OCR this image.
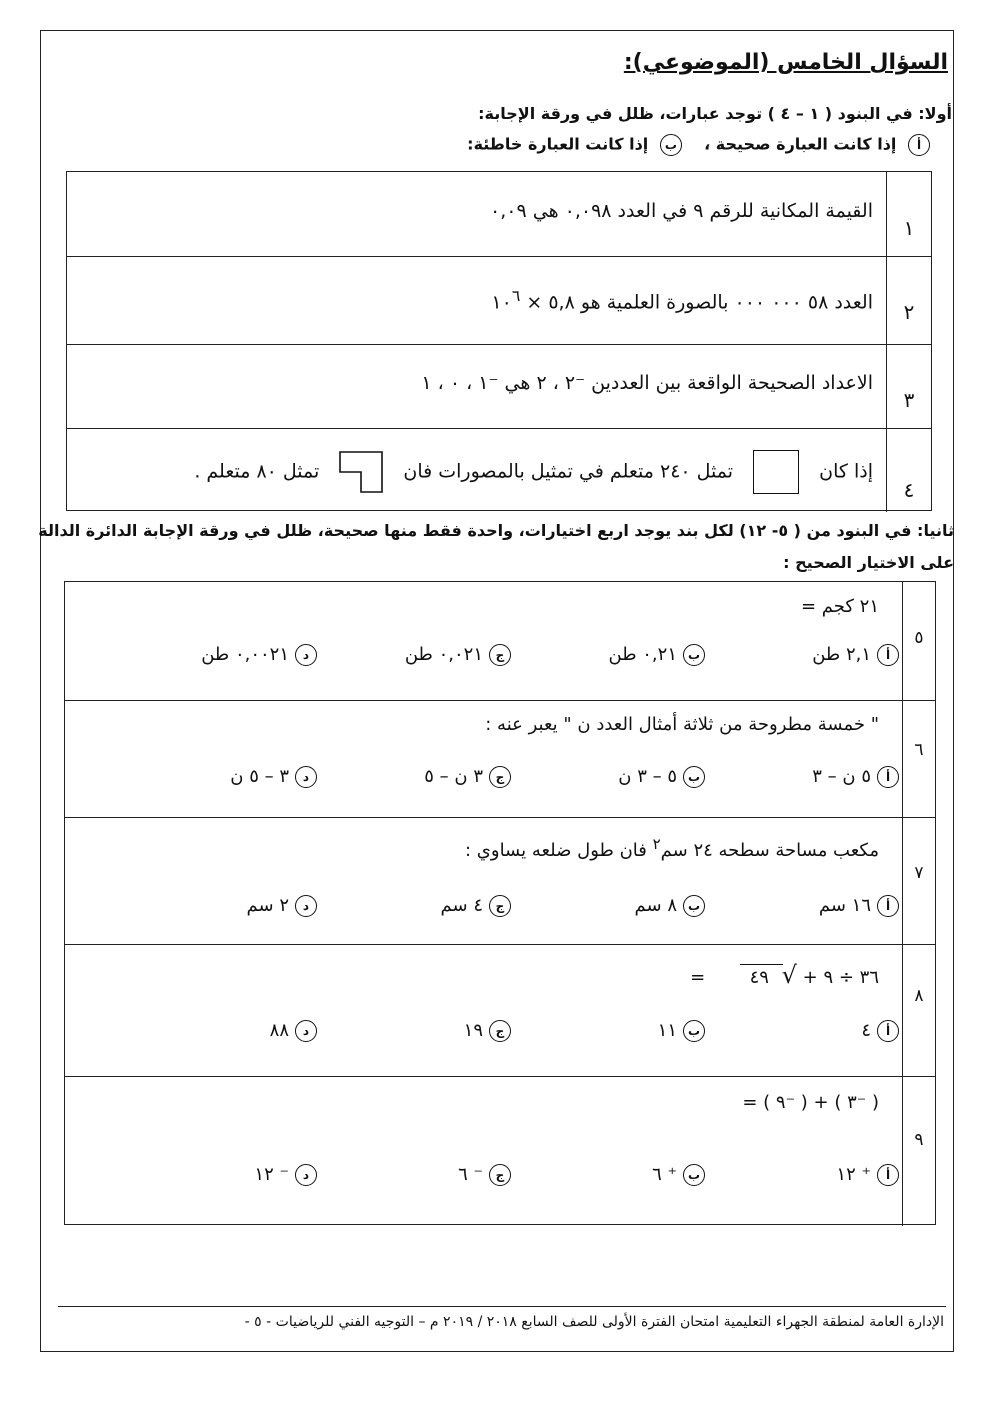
السؤال الخامس (الموضوعي):
أولا: في البنود ( ١ – ٤ ) توجد عبارات، ظلل في ورقة الإجابة:
أ إذا كانت العبارة صحيحة ،    ب إذا كانت العبارة خاطئة:
١
القيمة المكانية للرقم ٩ في العدد ٠,٠٩٨ هي ٠,٠٩
٢
العدد ٥٨ ٠٠٠ ٠٠٠ بالصورة العلمية هو ٥,٨ × $١٠^٦$
٣
الاعداد الصحيحة الواقعة بين العددين ⁻٢ ، ٢ هي ⁻١ ، ٠ ، ١
٤
إذا كان  تمثل ٢٤٠ متعلم في تمثيل بالمصورات فان  تمثل ٨٠ متعلم .
ثانيا: في البنود من ( ٥- ١٢) لكل بند يوجد اربع اختيارات، واحدة فقط منها صحيحة، ظلل في ورقة الإجابة الدائرة الدالة
على الاختيار الصحيح :
٥
٢١ كجم =
أ٢,١ طن
ب٠,٢١ طن
ج٠,٠٢١ طن
د٠,٠٠٢١ طن
٦
" خمسة مطروحة من ثلاثة أمثال العدد ن " يعبر عنه :
أ٥ ن – ٣
ب٥ – ٣ ن
ج٣ ن – ٥
د٣ – ٥ ن
٧
مكعب مساحة سطحه ٢٤ سم$^٢$ فان طول ضلعه يساوي :
أ١٦ سم
ب٨ سم
ج٤ سم
د٢ سم
٨
٣٦ ÷ ٩ +
√
٤٩      =
أ٤
ب١١
ج١٩
د٨٨
٩
( ⁻٣ ) + ( ⁻٩ ) =
أ⁺ ١٢
ب⁺ ٦
ج⁻ ٦
د⁻ ١٢
الإدارة العامة لمنطقة الجهراء التعليمية امتحان الفترة الأولى للصف السابع ٢٠١٨ / ٢٠١٩ م – التوجيه الفني للرياضيات - ٥ -
